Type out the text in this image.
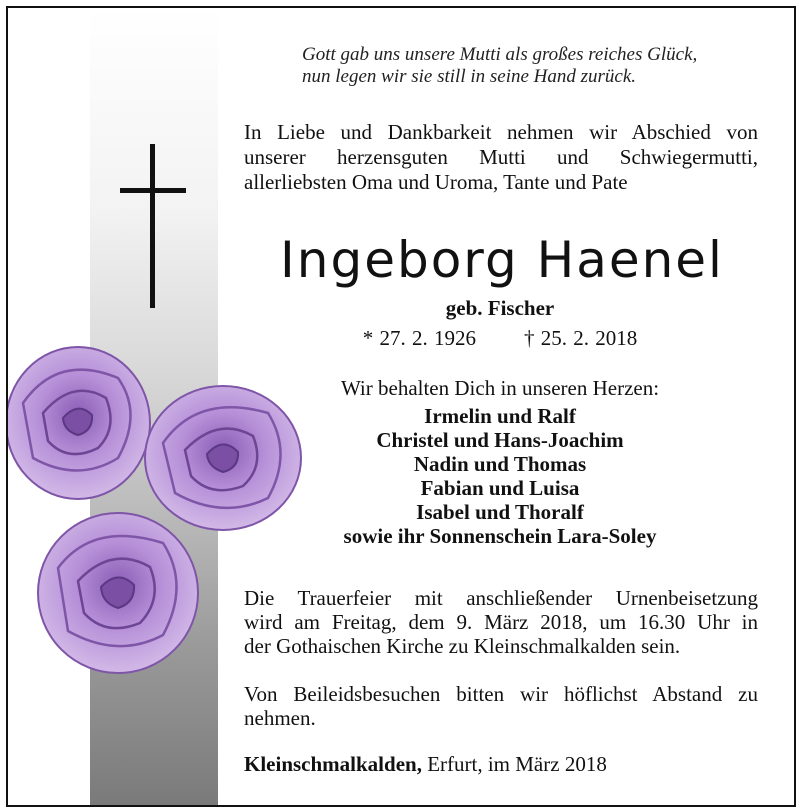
Gott gab uns unsere Mutti als großes reiches Glück,
nun legen wir sie still in seine Hand zurück.
In Liebe und Dankbarkeit nehmen wir Abschied von
unserer herzensguten Mutti und Schwiegermutti,
allerliebsten Oma und Uroma, Tante und Pate
Ingeborg Haenel
geb. Fischer
* 27. 2. 1926 † 25. 2. 2018
Wir behalten Dich in unseren Herzen:
Irmelin und Ralf
Christel und Hans-Joachim
Nadin und Thomas
Fabian und Luisa
Isabel und Thoralf
sowie ihr Sonnenschein Lara-Soley
Die Trauerfeier mit anschließender Urnenbeisetzung
wird am Freitag, dem 9. März 2018, um 16.30 Uhr in
der Gothaischen Kirche zu Kleinschmalkalden sein.
Von Beileidsbesuchen bitten wir höflichst Abstand zu
nehmen.
Kleinschmalkalden, Erfurt, im März 2018
